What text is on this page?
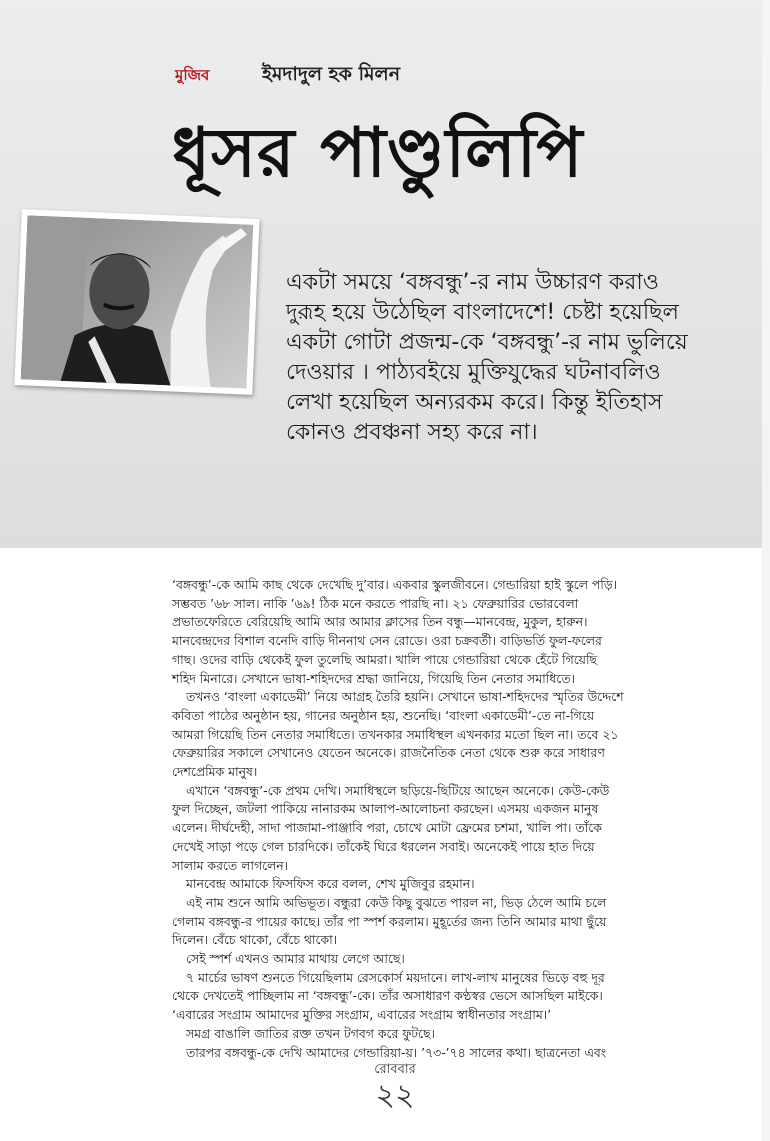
মুজিব	ইমদাদুল হক মিলন
ধূসর পাণ্ডুলিপি

একটা সময়ে ‘বঙ্গবন্ধু’-র নাম উচ্চারণ করাও

দুরূহ হয়ে উঠেছিল বাংলাদেশে! চেষ্টা হয়েছিল

একটা গোটা প্রজন্ম-কে ‘বঙ্গবন্ধু’-র নাম ভুলিয়ে

দেওয়ার । পাঠ্যবইয়ে মুক্তিযুদ্ধের ঘটনাবলিও

লেখা হয়েছিল অন্যরকম করে। কিন্তু ইতিহাস

কোনও প্রবঞ্চনা সহ্য করে না।

‘বঙ্গবন্ধু’-কে আমি কাছ থেকে দেখেছি দু’বার। একবার স্কুলজীবনে। গেন্ডারিয়া হাই স্কুলে পড়ি।

সম্ভবত ’৬৮ সাল। নাকি ’৬৯! ঠিক মনে করতে পারছি না। ২১ ফেব্রুয়ারির ভোরবেলা

প্রভাতফেরিতে বেরিয়েছি আমি আর আমার ক্লাসের তিন বন্ধু—মানবেন্দ্র, মুকুল, হারুন।

মানবেন্দ্রদের বিশাল বনেদি বাড়ি দীননাথ সেন রোডে। ওরা চক্রবর্তী। বাড়িভর্তি ফুল-ফলের

গাছ। ওদের বাড়ি থেকেই ফুল তুলেছি আমরা। খালি পায়ে গেন্ডারিয়া থেকে হেঁটে গিয়েছি

শহিদ মিনারে। সেখানে ভাষা-শহিদদের শ্রদ্ধা জানিয়ে, গিয়েছি তিন নেতার সমাধিতে।

তখনও ‘বাংলা একাডেমী’ নিয়ে আগ্রহ তৈরি হয়নি। সেখানে ভাষা-শহিদদের স্মৃতির উদ্দেশে

কবিতা পাঠের অনুষ্ঠান হয়, গানের অনুষ্ঠান হয়, শুনেছি। ‘বাংলা একাডেমী’-তে না-গিয়ে

আমরা গিয়েছি তিন নেতার সমাধিতে। তখনকার সমাধিস্থল এখনকার মতো ছিল না। তবে ২১

ফেব্রুয়ারির সকালে সেখানেও যেতেন অনেকে। রাজনৈতিক নেতা থেকে শুরু করে সাধারণ

দেশপ্রেমিক মানুষ।

এখানে ‘বঙ্গবন্ধু’-কে প্রথম দেখি। সমাধিস্থলে ছড়িয়ে-ছিটিয়ে আছেন অনেকে। কেউ-কেউ

ফুল দিচ্ছেন, জটলা পাকিয়ে নানারকম আলাপ-আলোচনা করছেন। এসময় একজন মানুষ

এলেন। দীর্ঘদেহী, সাদা পাজামা-পাঞ্জাবি পরা, চোখে মোটা ফ্রেমের চশমা, খালি পা। তাঁকে

দেখেই সাড়া পড়ে গেল চারদিকে। তাঁকেই ঘিরে ধরলেন সবাই। অনেকেই পায়ে হাত দিয়ে

সালাম করতে লাগলেন।

মানবেন্দ্র আমাকে ফিসফিস করে বলল, শেখ মুজিবুর রহমান।

এই নাম শুনে আমি অভিভূত। বন্ধুরা কেউ কিছু বুঝতে পারল না, ভিড় ঠেলে আমি চলে

গেলাম বঙ্গবন্ধু-র পায়ের কাছে। তাঁর পা স্পর্শ করলাম। মুহূর্তের জন্য তিনি আমার মাথা ছুঁয়ে

দিলেন। বেঁচে থাকো, বেঁচে থাকো।

সেই স্পর্শ এখনও আমার মাথায় লেগে আছে।

৭ মার্চের ভাষণ শুনতে গিয়েছিলাম রেসকোর্স ময়দানে। লাখ-লাখ মানুষের ভিড়ে বহু দূর

থেকে দেখতেই পাচ্ছিলাম না ‘বঙ্গবন্ধু’-কে। তাঁর অসাধারণ কণ্ঠস্বর ভেসে আসছিল মাইকে।

‘এবারের সংগ্রাম আমাদের মুক্তির সংগ্রাম, এবারের সংগ্রাম স্বাধীনতার সংগ্রাম।’

সমগ্র বাঙালি জাতির রক্ত তখন টগবগ করে ফুটছে।

তারপর বঙ্গবন্ধু-কে দেখি আমাদের গেন্ডারিয়া-য়। ’৭৩-’৭৪ সালের কথা। ছাত্রনেতা এবং

রোববার
২২
